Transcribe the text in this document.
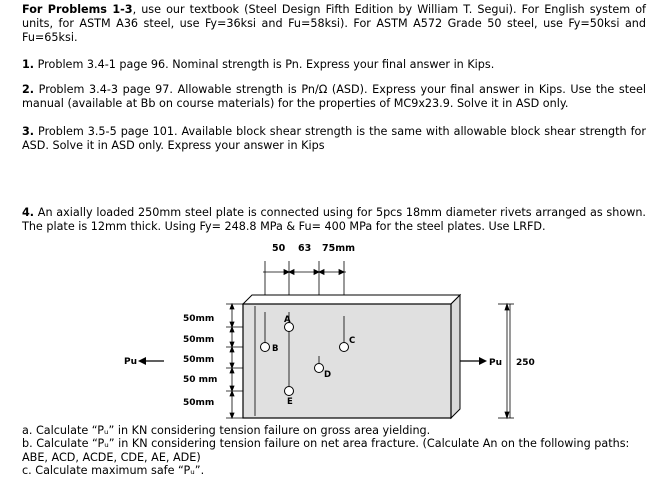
For Problems 1-3, use our textbook (Steel Design Fifth Edition by William T. Segui). For English system of units, for ASTM A36 steel, use Fy=36ksi and Fu=58ksi). For ASTM A572 Grade 50 steel, use Fy=50ksi and Fu=65ksi.

1. Problem 3.4-1 page 96. Nominal strength is Pn. Express your final answer in Kips.

2. Problem 3.4-3 page 97. Allowable strength is Pn/Ω (ASD). Express your final answer in Kips. Use the steel manual (available at Bb on course materials) for the properties of MC9x23.9. Solve it in ASD only.

3. Problem 3.5-5 page 101. Available block shear strength is the same with allowable block shear strength for ASD. Solve it in ASD only. Express your answer in Kips

4. An axially loaded 250mm steel plate is connected using for 5pcs 18mm diameter rivets arranged as shown. The plate is 12mm thick. Using Fy= 248.8 MPa & Fu= 400 MPa for the steel plates. Use LRFD.

50 63 75mm
A
B
C
D
E
50mm
50mm
50mm
50 mm
50mm
Pu	Pu 250
a. Calculate “Pᵤ” in KN considering tension failure on gross area yielding.
b. Calculate “Pᵤ” in KN considering tension failure on net area fracture. (Calculate An on the following paths:
ABE, ACD, ACDE, CDE, AE, ADE)
c. Calculate maximum safe “Pᵤ”.
